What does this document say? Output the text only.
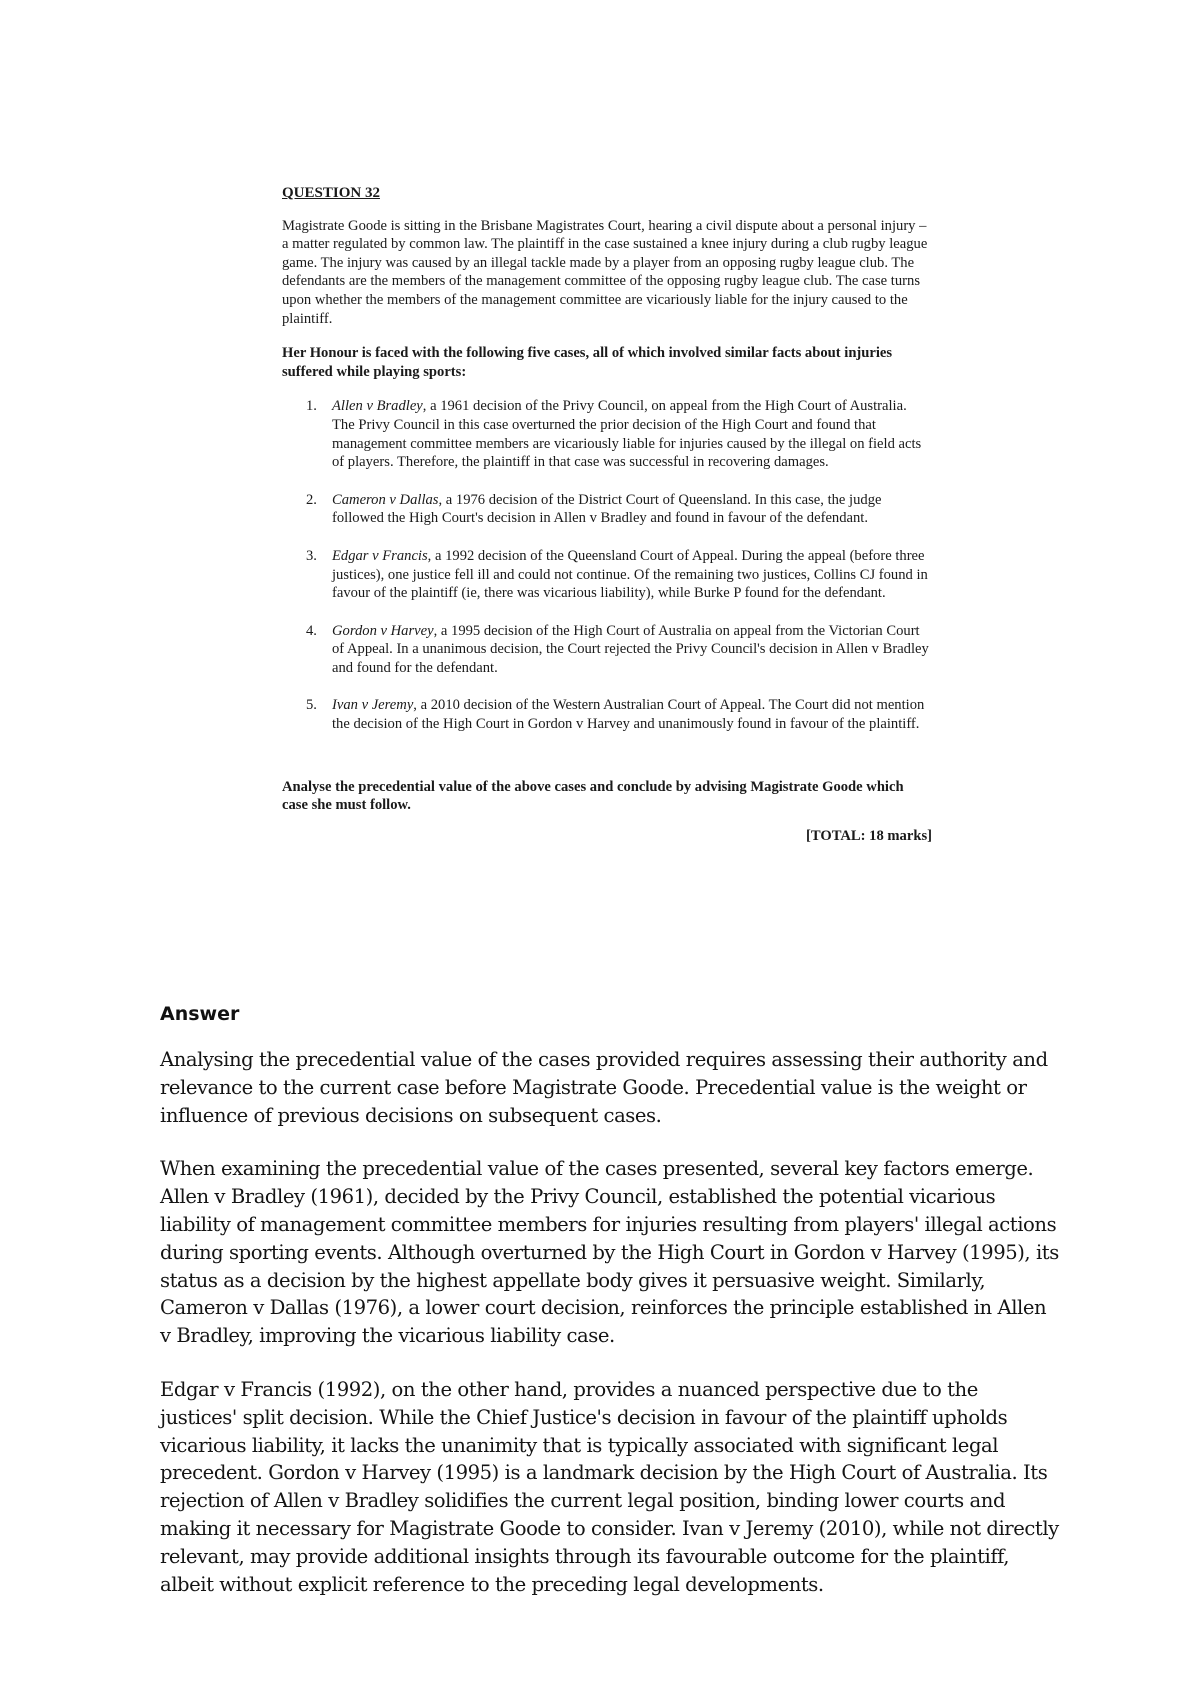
QUESTION 32

Magistrate Goode is sitting in the Brisbane Magistrates Court, hearing a civil dispute about a personal injury – a matter regulated by common law. The plaintiff in the case sustained a knee injury during a club rugby league game. The injury was caused by an illegal tackle made by a player from an opposing rugby league club. The defendants are the members of the management committee of the opposing rugby league club. The case turns upon whether the members of the management committee are vicariously liable for the injury caused to the plaintiff.

Her Honour is faced with the following five cases, all of which involved similar facts about injuries suffered while playing sports:

1. Allen v Bradley, a 1961 decision of the Privy Council, on appeal from the High Court of Australia. The Privy Council in this case overturned the prior decision of the High Court and found that management committee members are vicariously liable for injuries caused by the illegal on field acts of players. Therefore, the plaintiff in that case was successful in recovering damages.
2. Cameron v Dallas, a 1976 decision of the District Court of Queensland. In this case, the judge followed the High Court's decision in Allen v Bradley and found in favour of the defendant.
3. Edgar v Francis, a 1992 decision of the Queensland Court of Appeal. During the appeal (before three justices), one justice fell ill and could not continue. Of the remaining two justices, Collins CJ found in favour of the plaintiff (ie, there was vicarious liability), while Burke P found for the defendant.
4. Gordon v Harvey, a 1995 decision of the High Court of Australia on appeal from the Victorian Court of Appeal. In a unanimous decision, the Court rejected the Privy Council's decision in Allen v Bradley and found for the defendant.
5. Ivan v Jeremy, a 2010 decision of the Western Australian Court of Appeal. The Court did not mention the decision of the High Court in Gordon v Harvey and unanimously found in favour of the plaintiff.

Analyse the precedential value of the above cases and conclude by advising Magistrate Goode which case she must follow.

[TOTAL: 18 marks]

Answer

Analysing the precedential value of the cases provided requires assessing their authority and relevance to the current case before Magistrate Goode. Precedential value is the weight or influence of previous decisions on subsequent cases.

When examining the precedential value of the cases presented, several key factors emerge. Allen v Bradley (1961), decided by the Privy Council, established the potential vicarious liability of management committee members for injuries resulting from players' illegal actions during sporting events. Although overturned by the High Court in Gordon v Harvey (1995), its status as a decision by the highest appellate body gives it persuasive weight. Similarly, Cameron v Dallas (1976), a lower court decision, reinforces the principle established in Allen v Bradley, improving the vicarious liability case.

Edgar v Francis (1992), on the other hand, provides a nuanced perspective due to the justices' split decision. While the Chief Justice's decision in favour of the plaintiff upholds vicarious liability, it lacks the unanimity that is typically associated with significant legal precedent. Gordon v Harvey (1995) is a landmark decision by the High Court of Australia. Its rejection of Allen v Bradley solidifies the current legal position, binding lower courts and making it necessary for Magistrate Goode to consider. Ivan v Jeremy (2010), while not directly relevant, may provide additional insights through its favourable outcome for the plaintiff, albeit without explicit reference to the preceding legal developments.
